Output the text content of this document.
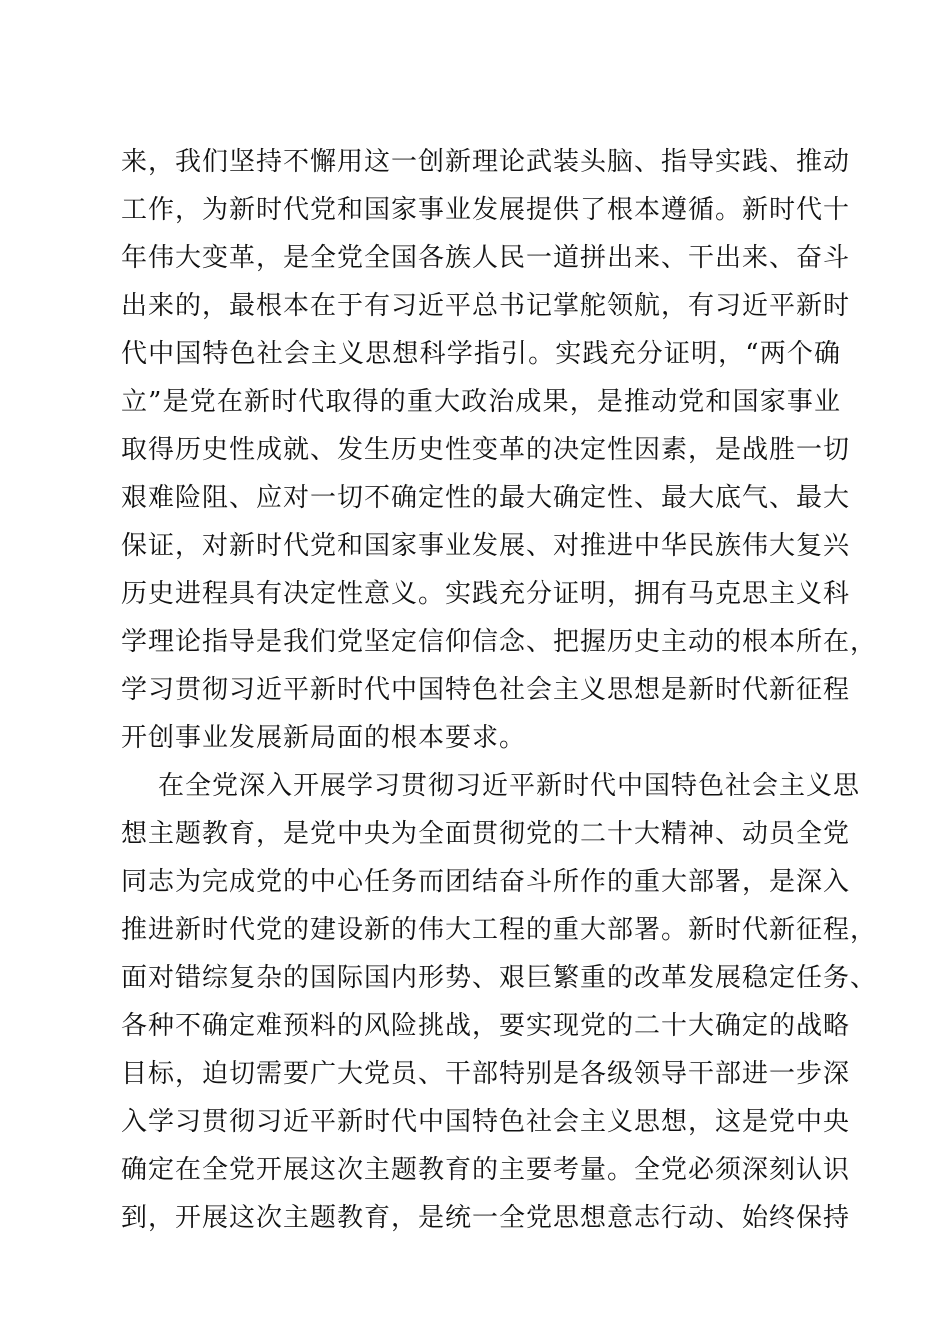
来，我们坚持不懈用这一创新理论武装头脑、指导实践、推动
工作，为新时代党和国家事业发展提供了根本遵循。新时代十
年伟大变革，是全党全国各族人民一道拼出来、干出来、奋斗
出来的，最根本在于有习近平总书记掌舵领航，有习近平新时
代中国特色社会主义思想科学指引。实践充分证明，“两个确
立”是党在新时代取得的重大政治成果，是推动党和国家事业
取得历史性成就、发生历史性变革的决定性因素，是战胜一切
艰难险阻、应对一切不确定性的最大确定性、最大底气、最大
保证，对新时代党和国家事业发展、对推进中华民族伟大复兴
历史进程具有决定性意义。实践充分证明，拥有马克思主义科
学理论指导是我们党坚定信仰信念、把握历史主动的根本所在，
学习贯彻习近平新时代中国特色社会主义思想是新时代新征程
开创事业发展新局面的根本要求。
在全党深入开展学习贯彻习近平新时代中国特色社会主义思
想主题教育，是党中央为全面贯彻党的二十大精神、动员全党
同志为完成党的中心任务而团结奋斗所作的重大部署，是深入
推进新时代党的建设新的伟大工程的重大部署。新时代新征程，
面对错综复杂的国际国内形势、艰巨繁重的改革发展稳定任务、
各种不确定难预料的风险挑战，要实现党的二十大确定的战略
目标，迫切需要广大党员、干部特别是各级领导干部进一步深
入学习贯彻习近平新时代中国特色社会主义思想，这是党中央
确定在全党开展这次主题教育的主要考量。全党必须深刻认识
到，开展这次主题教育，是统一全党思想意志行动、始终保持
